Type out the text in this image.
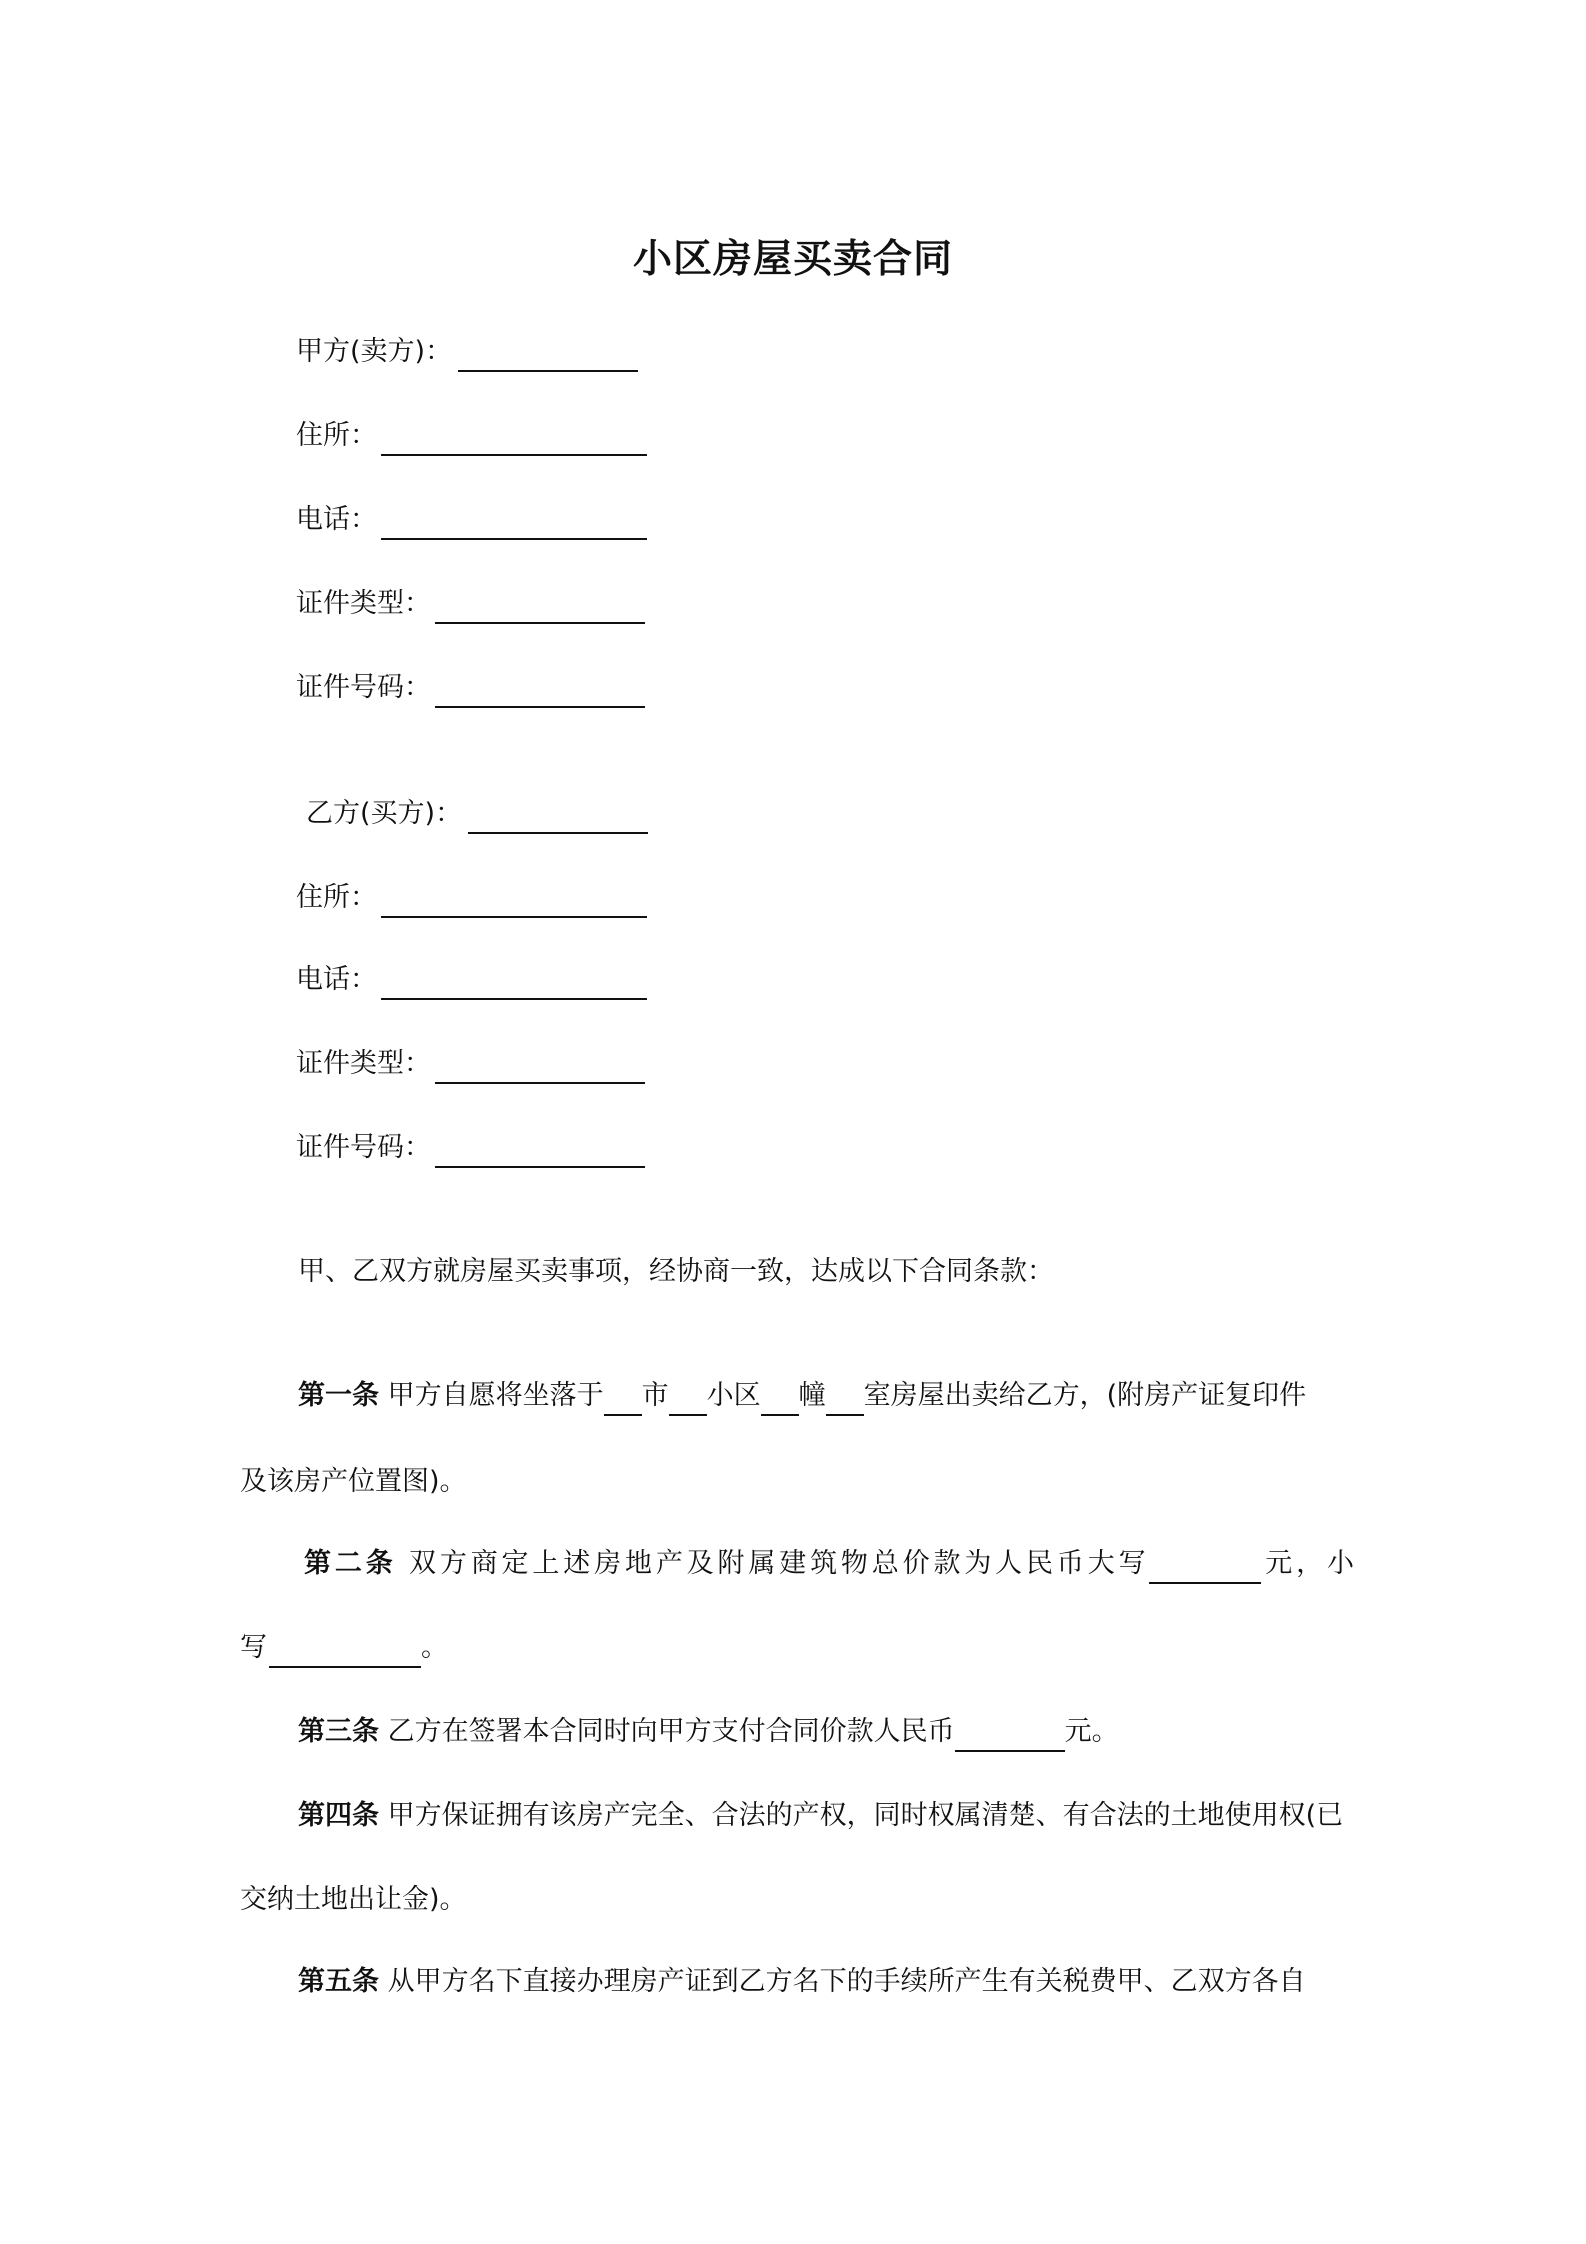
小区房屋买卖合同
甲方(卖方)：
住所：
电话：
证件类型：
证件号码：
乙方(买方)：
住所：
电话：
证件类型：
证件号码：
甲、乙双方就房屋买卖事项，经协商一致，达成以下合同条款：
第一条 甲方自愿将坐落于 市 小区 幢 室房屋出卖给乙方，(附房产证复印件
及该房产位置图)。
第二条 双方商定上述房地产及附属建筑物总价款为人民币大写	元，小
写	。
第三条 乙方在签署本合同时向甲方支付合同价款人民币	元。
第四条 甲方保证拥有该房产完全、合法的产权，同时权属清楚、有合法的土地使用权(已
交纳土地出让金)。
第五条 从甲方名下直接办理房产证到乙方名下的手续所产生有关税费甲、乙双方各自
